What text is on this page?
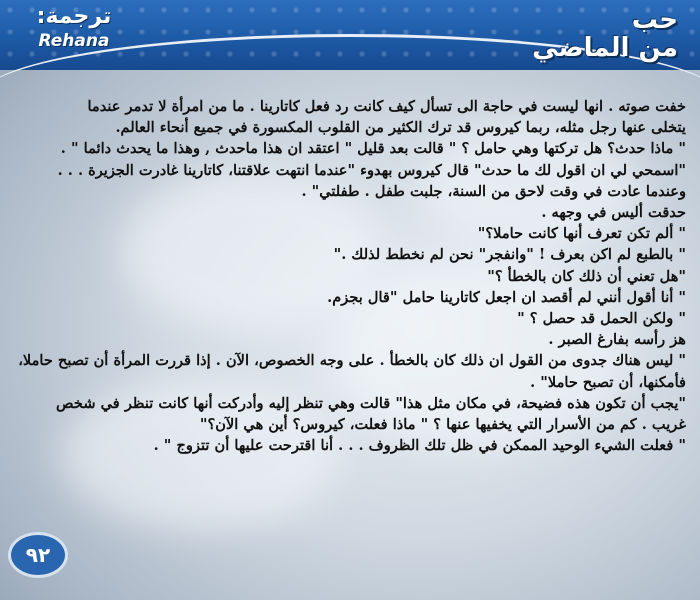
حب
من الماضي
ترجمة:
Rehana

خفت صوته . انها ليست في حاجة الى تسأل كيف كانت رد فعل كاتارينا . ما من امرأة لا تدمر عندما

يتخلى عنها رجل مثله، ربما كيروس قد ترك الكثير من القلوب المكسورة في جميع أنحاء العالم.

" ماذا حدث؟ هل تركتها وهي حامل ؟ " قالت بعد قليل " اعتقد ان هذا ماحدث , وهذا ما يحدث دائما " .

"اسمحي لي ان اقول لك ما حدث" قال كيروس بهدوء "عندما انتهت علاقتنا، كاتارينا غادرت الجزيرة . . .

وعندما عادت في وقت لاحق من السنة، جلبت طفل . طفلتي" .

حدقت أليس في وجهه .

" ألم تكن تعرف أنها كانت حاملا؟"

" بالطبع لم اكن بعرف ! "وانفجر" نحن لم نخطط لذلك ."

"هل تعني أن ذلك كان بالخطأ ؟"

" أنا أقول أنني لم أقصد ان اجعل كاتارينا حامل "قال بجزم.

" ولكن الحمل قد حصل ؟ "

هز رأسه بفارغ الصبر .

" ليس هناك جدوى من القول ان ذلك كان بالخطأ . على وجه الخصوص، الآن . إذا قررت المرأة أن تصبح حاملا،

فأمكنها، أن تصبح حاملا" .

"يجب أن تكون هذه فضيحة، في مكان مثل هذا" قالت وهي تنظر إليه وأدركت أنها كانت تنظر في شخص

غريب . كم من الأسرار التي يخفيها عنها ؟ " ماذا فعلت، كيروس؟ أين هي الآن؟"

" فعلت الشيء الوحيد الممكن في ظل تلك الظروف . . . أنا اقترحت عليها أن تتزوج " .

٩٢
